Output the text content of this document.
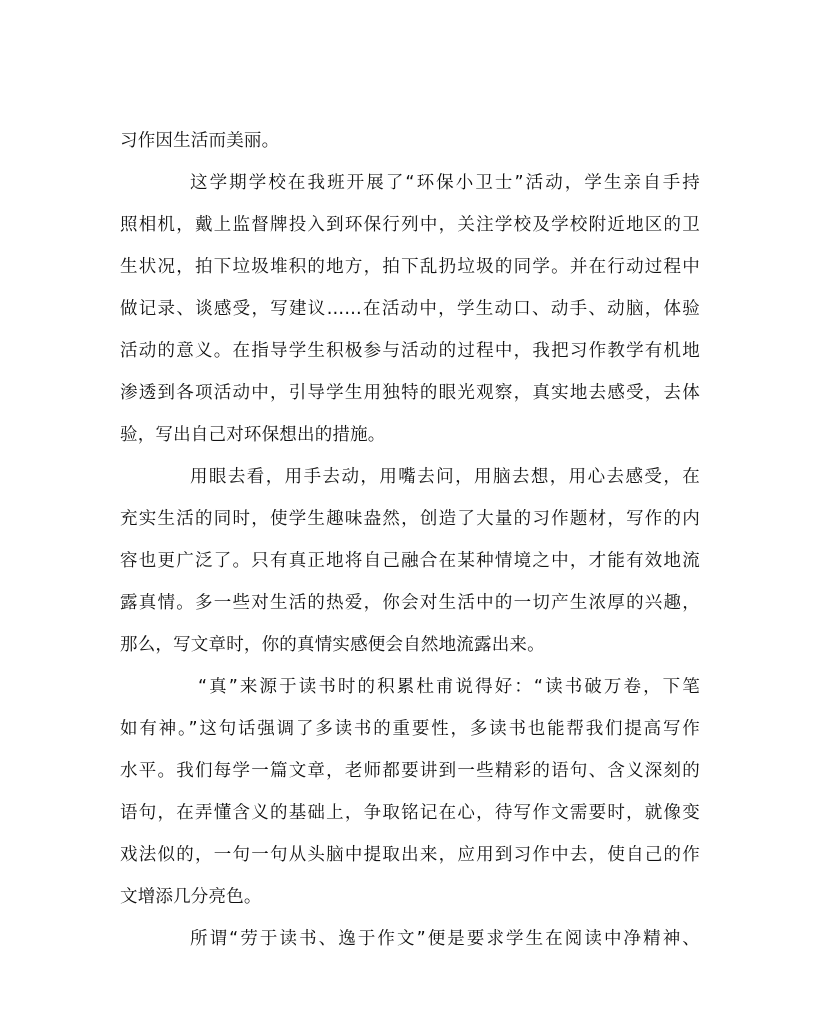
习作因生活而美丽。
这学期学校在我班开展了“环保小卫士”活动，学生亲自手持
照相机，戴上监督牌投入到环保行列中，关注学校及学校附近地区的卫
生状况，拍下垃圾堆积的地方，拍下乱扔垃圾的同学。并在行动过程中
做记录、谈感受，写建议……在活动中，学生动口、动手、动脑，体验
活动的意义。在指导学生积极参与活动的过程中，我把习作教学有机地
渗透到各项活动中，引导学生用独特的眼光观察，真实地去感受，去体
验，写出自己对环保想出的措施。
用眼去看，用手去动，用嘴去问，用脑去想，用心去感受，在
充实生活的同时，使学生趣味盎然，创造了大量的习作题材，写作的内
容也更广泛了。只有真正地将自己融合在某种情境之中，才能有效地流
露真情。多一些对生活的热爱，你会对生活中的一切产生浓厚的兴趣，
那么，写文章时，你的真情实感便会自然地流露出来。
“真”来源于读书时的积累杜甫说得好：“读书破万卷，下笔
如有神。”这句话强调了多读书的重要性，多读书也能帮我们提高写作
水平。我们每学一篇文章，老师都要讲到一些精彩的语句、含义深刻的
语句，在弄懂含义的基础上，争取铭记在心，待写作文需要时，就像变
戏法似的，一句一句从头脑中提取出来，应用到习作中去，使自己的作
文增添几分亮色。
所谓“劳于读书、逸于作文”便是要求学生在阅读中净精神、
